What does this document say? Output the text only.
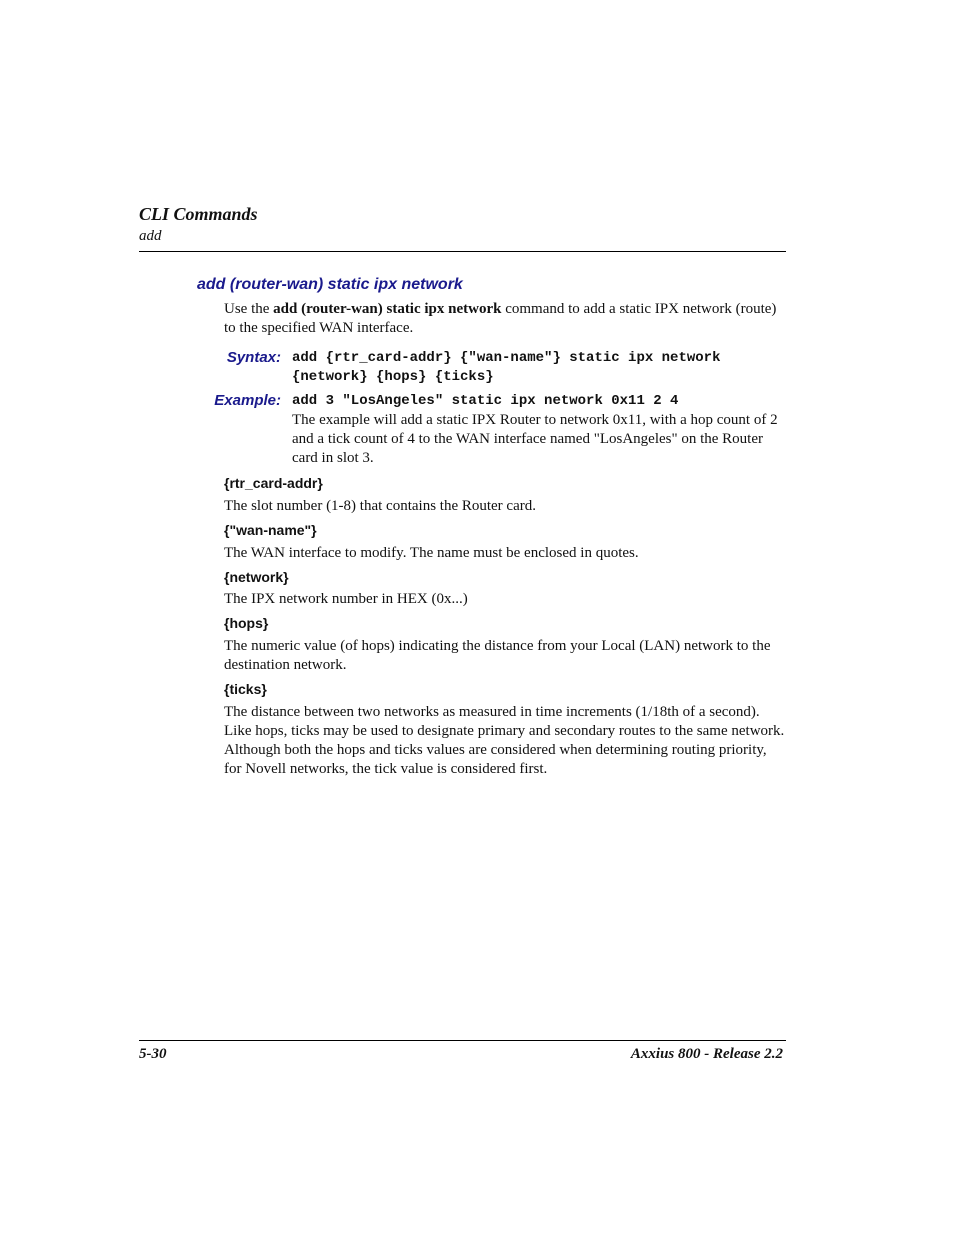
CLI Commands
add
add (router-wan) static ipx network
Use the add (router-wan) static ipx network command to add a static IPX network (route) to the specified WAN interface.
Syntax: add {rtr_card-addr} {"wan-name"} static ipx network
{network} {hops} {ticks}
Example: add 3 "LosAngeles" static ipx network 0x11 2 4
The example will add a static IPX Router to network 0x11, with a hop count of 2 and a tick count of 4 to the WAN interface named "LosAngeles" on the Router card in slot 3.
{rtr_card-addr}
The slot number (1-8) that contains the Router card.
{"wan-name"}
The WAN interface to modify. The name must be enclosed in quotes.
{network}
The IPX network number in HEX (0x...)
{hops}
The numeric value (of hops) indicating the distance from your Local (LAN) network to the destination network.
{ticks}
The distance between two networks as measured in time increments (1/18th of a second). Like hops, ticks may be used to designate primary and secondary routes to the same network. Although both the hops and ticks values are considered when determining routing priority, for Novell networks, the tick value is considered first.
5-30	Axxius 800 - Release 2.2
